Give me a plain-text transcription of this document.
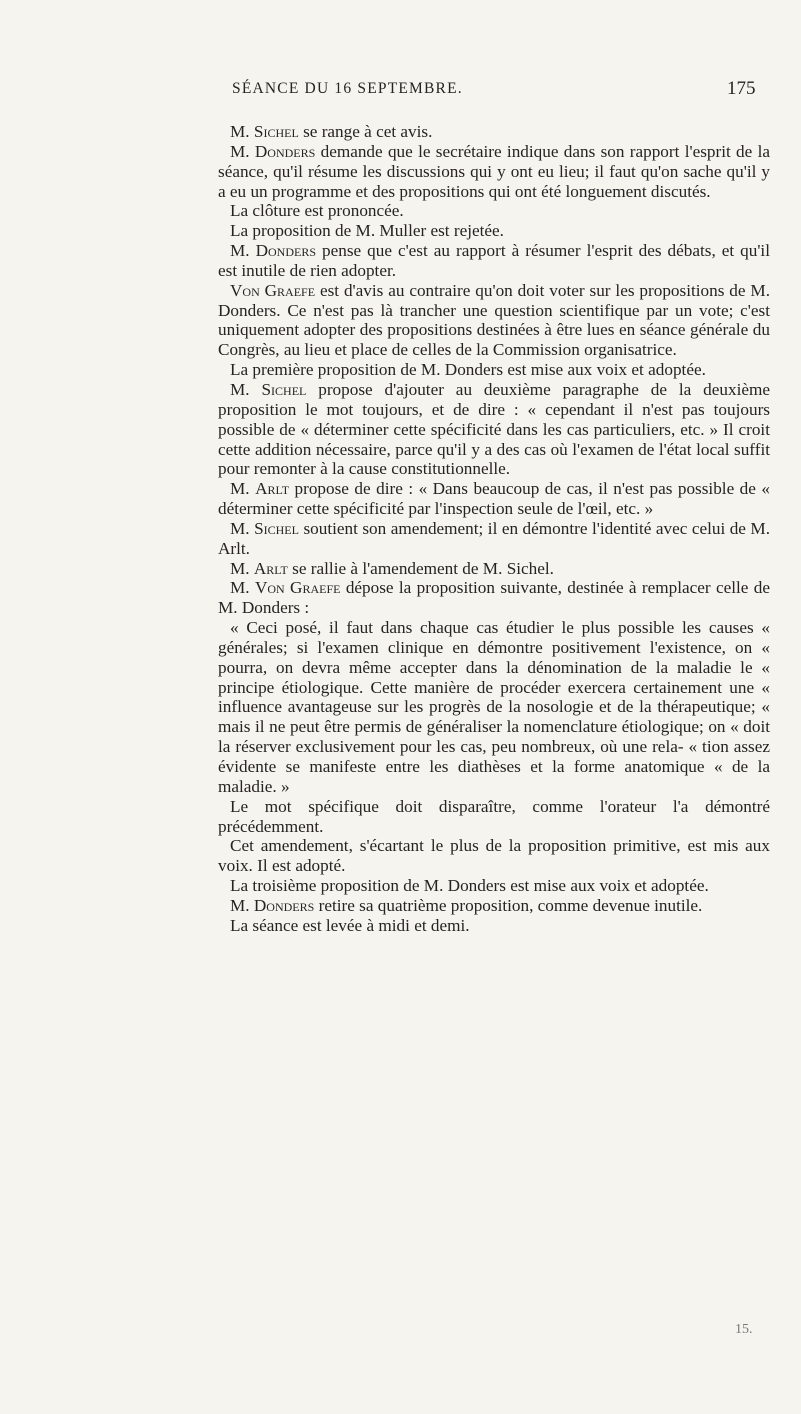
SÉANCE DU 16 SEPTEMBRE.	175

M. Sichel se range à cet avis.

M. Donders demande que le secrétaire indique dans son rapport l'esprit de la séance, qu'il résume les discussions qui y ont eu lieu; il faut qu'on sache qu'il y a eu un programme et des propositions qui ont été longuement discutés.

La clôture est prononcée.

La proposition de M. Muller est rejetée.

M. Donders pense que c'est au rapport à résumer l'esprit des débats, et qu'il est inutile de rien adopter.

Von Graefe est d'avis au contraire qu'on doit voter sur les propositions de M. Donders. Ce n'est pas là trancher une question scientifique par un vote; c'est uniquement adopter des propositions destinées à être lues en séance générale du Congrès, au lieu et place de celles de la Commission organisatrice.

La première proposition de M. Donders est mise aux voix et adoptée.

M. Sichel propose d'ajouter au deuxième paragraphe de la deuxième proposition le mot toujours, et de dire : « cependant il n'est pas toujours possible de « déterminer cette spécificité dans les cas particuliers, etc. » Il croit cette addition nécessaire, parce qu'il y a des cas où l'examen de l'état local suffit pour remonter à la cause constitutionnelle.

M. Arlt propose de dire : « Dans beaucoup de cas, il n'est pas possible de « déterminer cette spécificité par l'inspection seule de l'œil, etc. »

M. Sichel soutient son amendement; il en démontre l'identité avec celui de M. Arlt.

M. Arlt se rallie à l'amendement de M. Sichel.

M. Von Graefe dépose la proposition suivante, destinée à remplacer celle de M. Donders :

« Ceci posé, il faut dans chaque cas étudier le plus possible les causes « générales; si l'examen clinique en démontre positivement l'existence, on « pourra, on devra même accepter dans la dénomination de la maladie le « principe étiologique. Cette manière de procéder exercera certainement une « influence avantageuse sur les progrès de la nosologie et de la thérapeutique; « mais il ne peut être permis de généraliser la nomenclature étiologique; on « doit la réserver exclusivement pour les cas, peu nombreux, où une rela- « tion assez évidente se manifeste entre les diathèses et la forme anatomique « de la maladie. »

Le mot spécifique doit disparaître, comme l'orateur l'a démontré précédemment.

Cet amendement, s'écartant le plus de la proposition primitive, est mis aux voix. Il est adopté.

La troisième proposition de M. Donders est mise aux voix et adoptée.

M. Donders retire sa quatrième proposition, comme devenue inutile.

La séance est levée à midi et demi.

15.
